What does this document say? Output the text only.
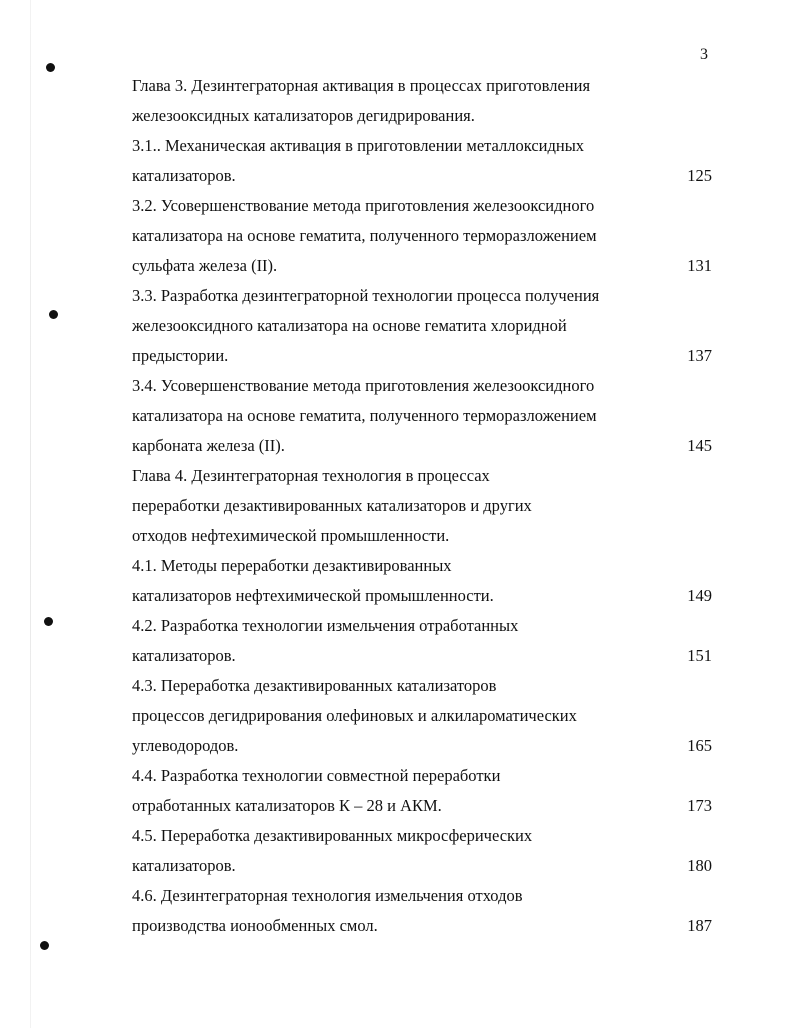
3
Глава 3. Дезинтеграторная активация в процессах приготовления
железооксидных катализаторов дегидрирования.
3.1.. Механическая активация в приготовлении металлоксидных
катализаторов.	125
3.2. Усовершенствование метода приготовления железооксидного
катализатора на основе гематита, полученного терморазложением
сульфата железа (II).	131
3.3. Разработка дезинтеграторной технологии процесса получения
железооксидного катализатора на основе гематита хлоридной
предыстории.	137
3.4. Усовершенствование метода приготовления железооксидного
катализатора на основе гематита, полученного терморазложением
карбоната железа (II).	145
Глава 4. Дезинтеграторная технология в процессах
переработки дезактивированных катализаторов и других
отходов нефтехимической промышленности.
4.1. Методы переработки дезактивированных
катализаторов нефтехимической промышленности.	149
4.2. Разработка технологии измельчения отработанных
катализаторов.	151
4.3. Переработка дезактивированных катализаторов
процессов дегидрирования олефиновых и алкилароматических
углеводородов.	165
4.4. Разработка технологии совместной переработки
отработанных катализаторов К – 28 и АКМ.	173
4.5. Переработка дезактивированных микросферических
катализаторов.	180
4.6. Дезинтеграторная технология измельчения отходов
производства ионообменных смол.	187
